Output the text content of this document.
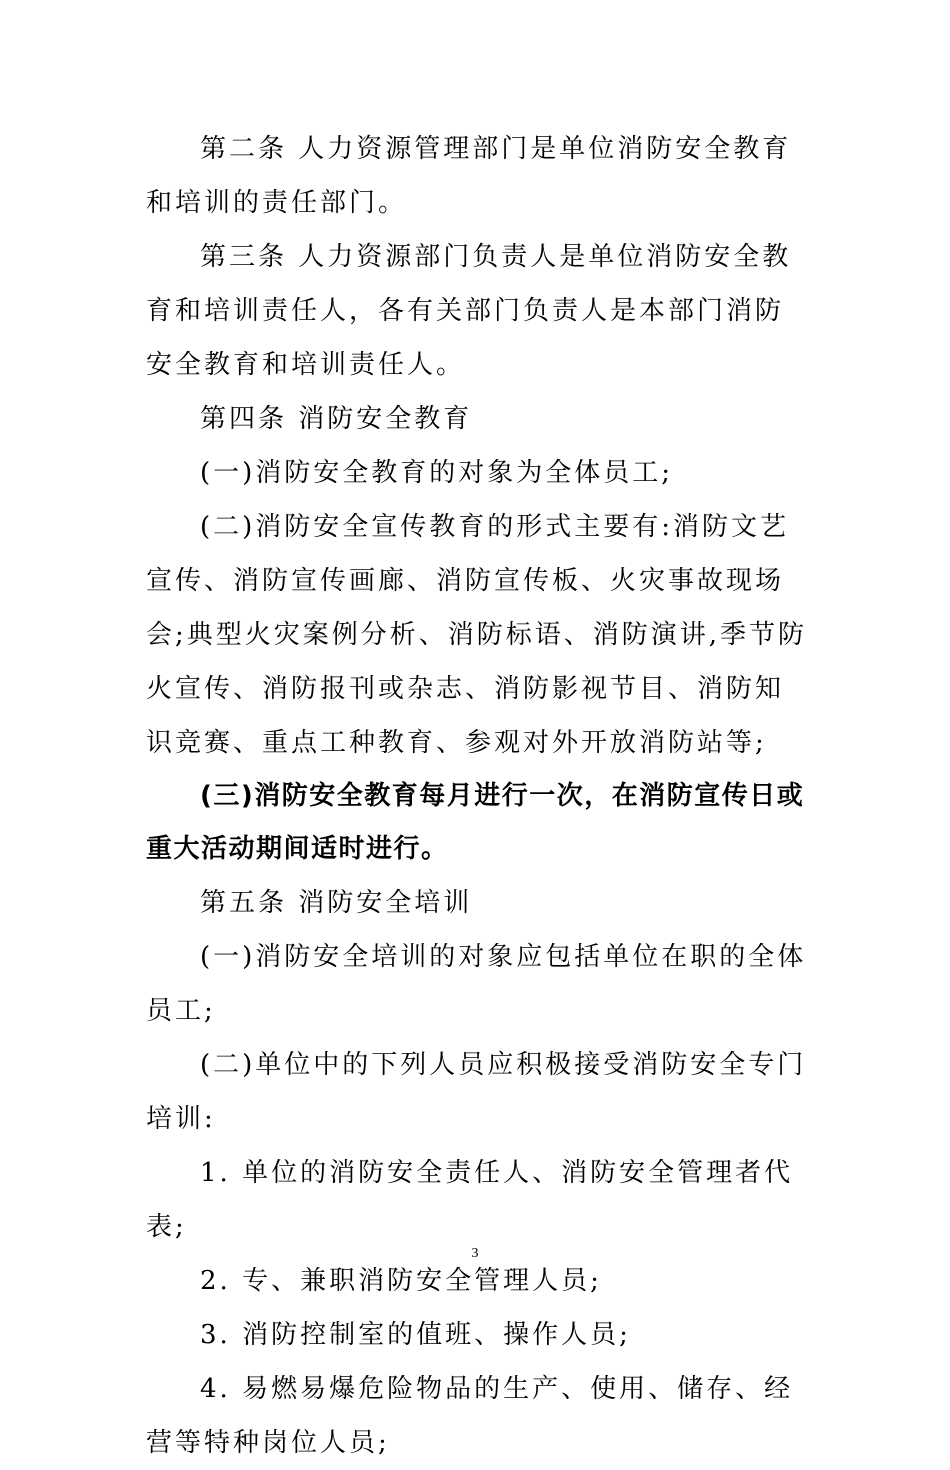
第二条 人力资源管理部门是单位消防安全教育和培训的责任部门。

第三条 人力资源部门负责人是单位消防安全教育和培训责任人，各有关部门负责人是本部门消防安全教育和培训责任人。

第四条 消防安全教育

(一)消防安全教育的对象为全体员工;

(二)消防安全宣传教育的形式主要有:消防文艺宣传、消防宣传画廊、消防宣传板、火灾事故现场会;典型火灾案例分析、消防标语、消防演讲,季节防火宣传、消防报刊或杂志、消防影视节目、消防知识竞赛、重点工种教育、参观对外开放消防站等;

(三)消防安全教育每月进行一次，在消防宣传日或重大活动期间适时进行。

第五条 消防安全培训

(一)消防安全培训的对象应包括单位在职的全体员工;

(二)单位中的下列人员应积极接受消防安全专门培训:

1. 单位的消防安全责任人、消防安全管理者代表;

2. 专、兼职消防安全管理人员;

3. 消防控制室的值班、操作人员;

4. 易燃易爆危险物品的生产、使用、储存、经营等特种岗位人员;

3
